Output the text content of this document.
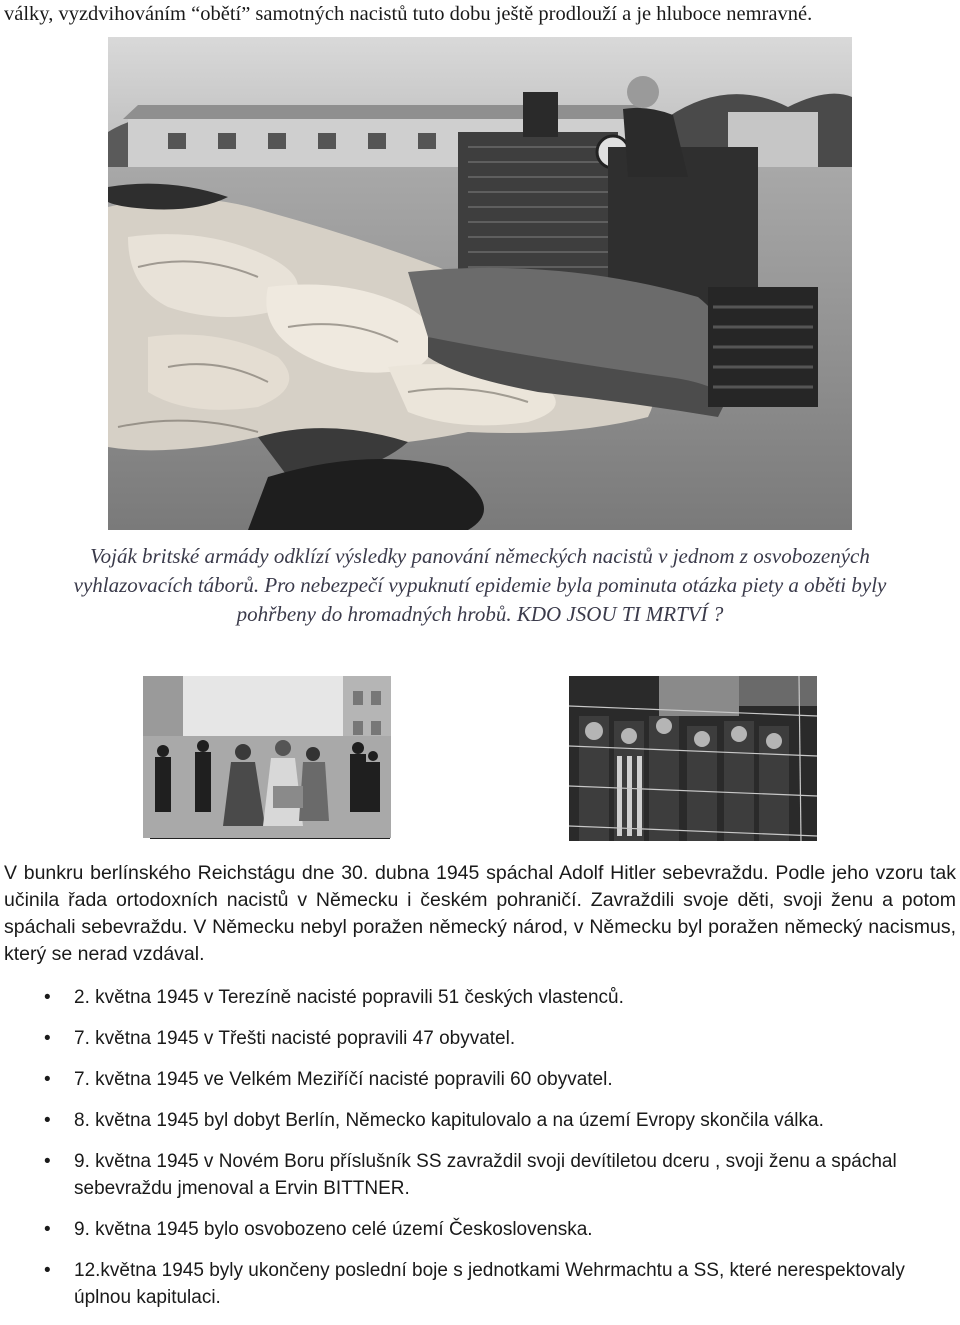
války, vyzdvihováním “obětí” samotných nacistů tuto dobu ještě prodlouží a je hluboce nemravné.
Voják britské armády odklízí výsledky panování německých nacistů v jednom z osvobozených
vyhlazovacích táborů. Pro nebezpečí vypuknutí epidemie byla pominuta otázka piety a oběti byly
pohřbeny do hromadných hrobů. KDO JSOU TI MRTVÍ ?
V bunkru berlínského Reichstágu dne 30. dubna 1945 spáchal Adolf Hitler sebevraždu. Podle jeho vzoru tak učinila řada ortodoxních nacistů v Německu i českém pohraničí. Zavraždili svoje děti, svoji ženu a potom spáchali sebevraždu. V Německu nebyl poražen německý národ, v Německu byl poražen německý nacismus, který se nerad vzdával.
• 2. května 1945 v Terezíně nacisté popravili 51 českých vlastenců.
• 7. května 1945 v Třešti nacisté popravili 47 obyvatel.
• 7. května 1945 ve Velkém Meziříčí nacisté popravili 60 obyvatel.
• 8. května 1945 byl dobyt Berlín, Německo kapitulovalo a na území Evropy skončila válka.
• 9. května 1945 v Novém Boru příslušník SS zavraždil svoji devítiletou dceru , svoji ženu a spáchal sebevraždu jmenoval a Ervin BITTNER.
• 9. května 1945 bylo osvobozeno celé území Československa.
• 12.května 1945 byly ukončeny poslední boje s jednotkami Wehrmachtu a SS, které nerespektovaly úplnou kapitulaci.
